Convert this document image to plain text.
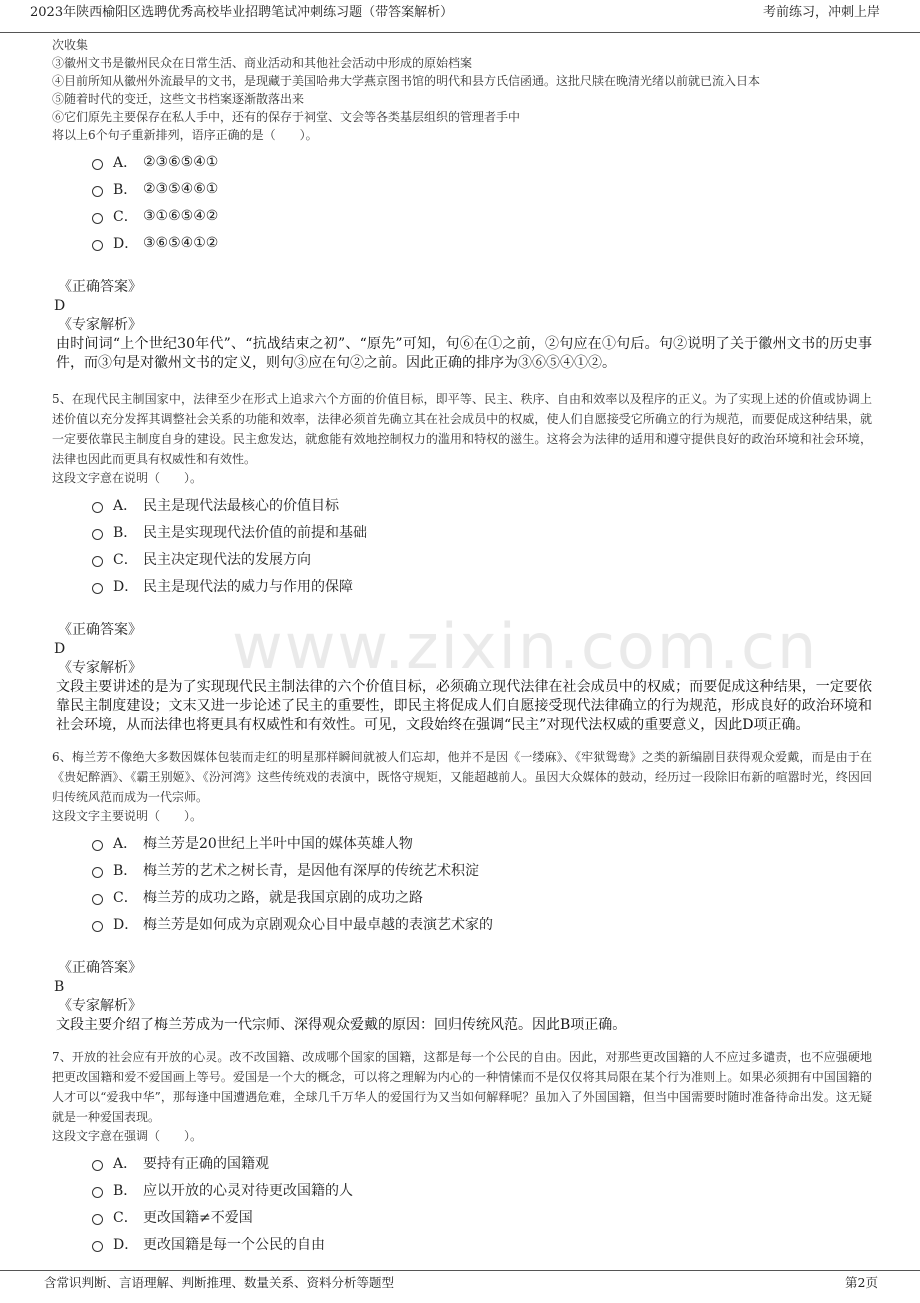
2023年陕西榆阳区选聘优秀高校毕业招聘笔试冲刺练习题（带答案解析）	考前练习，冲刺上岸
www.zixin.com.cn

次收集

③徽州文书是徽州民众在日常生活、商业活动和其他社会活动中形成的原始档案

④目前所知从徽州外流最早的文书，是现藏于美国哈弗大学燕京图书馆的明代和县方氏信函通。这批尺牍在晚清光绪以前就已流入日本

⑤随着时代的变迁，这些文书档案逐渐散落出来

⑥它们原先主要保存在私人手中，还有的保存于祠堂、文会等各类基层组织的管理者手中

将以上6个句子重新排列，语序正确的是（　　）。

A． ②③⑥⑤④①
B． ②③⑤④⑥①
C． ③①⑥⑤④②
D． ③⑥⑤④①②

《正确答案》

D

《专家解析》

由时间词“上个世纪30年代”、“抗战结束之初”、“原先”可知，句⑥在①之前，②句应在①句后。句②说明了关于徽州文书的历史事件，而③句是对徽州文书的定义，则句③应在句②之前。因此正确的排序为③⑥⑤④①②。

5、在现代民主制国家中，法律至少在形式上追求六个方面的价值目标，即平等、民主、秩序、自由和效率以及程序的正义。为了实现上述的价值或协调上述价值以充分发挥其调整社会关系的功能和效率，法律必须首先确立其在社会成员中的权威，使人们自愿接受它所确立的行为规范，而要促成这种结果，就一定要依靠民主制度自身的建设。民主愈发达，就愈能有效地控制权力的滥用和特权的滋生。这将会为法律的适用和遵守提供良好的政治环境和社会环境，法律也因此而更具有权威性和有效性。

这段文字意在说明（　　）。

A． 民主是现代法最核心的价值目标
B． 民主是实现现代法价值的前提和基础
C． 民主决定现代法的发展方向
D． 民主是现代法的威力与作用的保障

《正确答案》

D

《专家解析》

文段主要讲述的是为了实现现代民主制法律的六个价值目标，必须确立现代法律在社会成员中的权威；而要促成这种结果，一定要依靠民主制度建设；文末又进一步论述了民主的重要性，即民主将促成人们自愿接受现代法律确立的行为规范，形成良好的政治环境和社会环境，从而法律也将更具有权威性和有效性。可见，文段始终在强调“民主”对现代法权威的重要意义，因此D项正确。

6、梅兰芳不像绝大多数因媒体包装而走红的明星那样瞬间就被人们忘却，他并不是因《一缕麻》、《牢狱鸳鸯》之类的新编剧目获得观众爱戴，而是由于在《贵妃醉酒》、《霸王别姬》、《汾河湾》这些传统戏的表演中，既恪守规矩，又能超越前人。虽因大众媒体的鼓动，经历过一段除旧布新的喧嚣时光，终因回归传统风范而成为一代宗师。

这段文字主要说明（　　）。

A． 梅兰芳是20世纪上半叶中国的媒体英雄人物
B． 梅兰芳的艺术之树长青，是因他有深厚的传统艺术积淀
C． 梅兰芳的成功之路，就是我国京剧的成功之路
D． 梅兰芳是如何成为京剧观众心目中最卓越的表演艺术家的

《正确答案》

B

《专家解析》

文段主要介绍了梅兰芳成为一代宗师、深得观众爱戴的原因：回归传统风范。因此B项正确。

7、开放的社会应有开放的心灵。改不改国籍、改成哪个国家的国籍，这都是每一个公民的自由。因此，对那些更改国籍的人不应过多谴责，也不应强硬地把更改国籍和爱不爱国画上等号。爱国是一个大的概念，可以将之理解为内心的一种情愫而不是仅仅将其局限在某个行为准则上。如果必须拥有中国国籍的人才可以“爱我中华”，那每逢中国遭遇危难，全球几千万华人的爱国行为又当如何解释呢？虽加入了外国国籍，但当中国需要时随时准备待命出发。这无疑就是一种爱国表现。

这段文字意在强调（　　）。

A． 要持有正确的国籍观
B． 应以开放的心灵对待更改国籍的人
C． 更改国籍≠不爱国
D． 更改国籍是每一个公民的自由
含常识判断、言语理解、判断推理、数量关系、资料分析等题型	第2页
